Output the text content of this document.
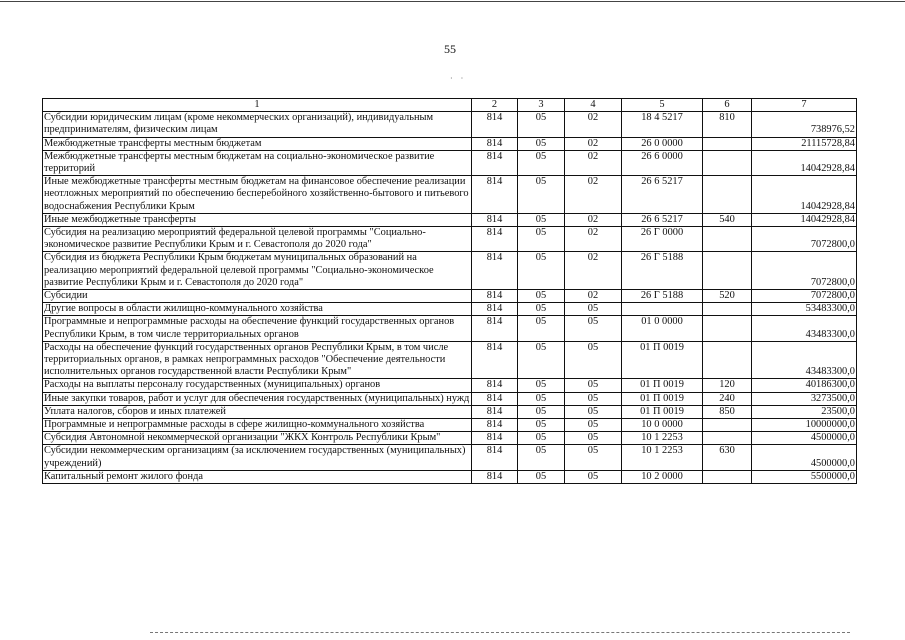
55
· ·
1	2	3	4	5	6	7
Субсидии юридическим лицам (кроме некоммерческих организаций), индивидуальным предпринимателям, физическим лицам	814	05	02	18 4 5217	810	738976,52
Межбюджетные трансферты местным бюджетам	814	05	02	26 0 0000		21115728,84
Межбюджетные трансферты местным бюджетам на социально-экономическое развитие территорий	814	05	02	26 6 0000		14042928,84
Иные межбюджетные трансферты местным бюджетам на финансовое обеспечение реализации неотложных мероприятий по обеспечению бесперебойного хозяйственно-бытового и питьевого водоснабжения Республики Крым	814	05	02	26 6 5217		14042928,84
Иные межбюджетные трансферты	814	05	02	26 6 5217	540	14042928,84
Субсидия на реализацию мероприятий федеральной целевой программы "Социально-экономическое развитие Республики Крым и г. Севастополя до 2020 года"	814	05	02	26 Г 0000		7072800,0
Субсидия из бюджета Республики Крым бюджетам муниципальных образований на реализацию мероприятий федеральной целевой программы "Социально-экономическое развитие Республики Крым и г. Севастополя до 2020 года"	814	05	02	26 Г 5188		7072800,0
Субсидии	814	05	02	26 Г 5188	520	7072800,0
Другие вопросы в области жилищно-коммунального хозяйства	814	05	05			53483300,0
Программные и непрограммные расходы на обеспечение функций государственных органов Республики Крым, в том числе территориальных органов	814	05	05	01 0 0000		43483300,0
Расходы на обеспечение функций государственных органов Республики Крым, в том числе территориальных органов, в рамках непрограммных расходов "Обеспечение деятельности исполнительных органов государственной власти Республики Крым"	814	05	05	01 П 0019		43483300,0
Расходы на выплаты персоналу государственных (муниципальных) органов	814	05	05	01 П 0019	120	40186300,0
Иные закупки товаров, работ и услуг для обеспечения государственных (муниципальных) нужд	814	05	05	01 П 0019	240	3273500,0
Уплата налогов, сборов и иных платежей	814	05	05	01 П 0019	850	23500,0
Программные и непрограммные расходы в сфере жилищно-коммунального хозяйства	814	05	05	10 0 0000		10000000,0
Субсидия Автономной некоммерческой организации "ЖКХ Контроль Республики Крым"	814	05	05	10 1 2253		4500000,0
Субсидии некоммерческим организациям (за исключением государственных (муниципальных) учреждений)	814	05	05	10 1 2253	630	4500000,0
Капитальный ремонт жилого фонда	814	05	05	10 2 0000		5500000,0
